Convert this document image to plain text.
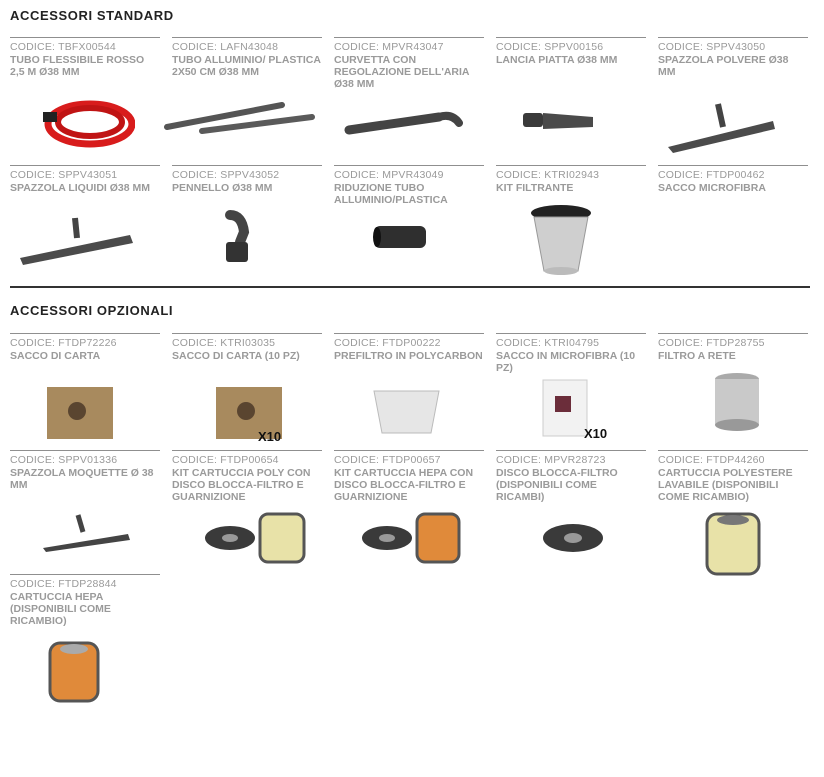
ACCESSORI STANDARD
CODICE: TBFX00544
TUBO FLESSIBILE ROSSO 2,5 M Ø38 MM
CODICE: LAFN43048
TUBO ALLUMINIO/ PLASTICA 2X50 CM Ø38 MM
CODICE: MPVR43047
CURVETTA CON REGOLAZIONE DELL'ARIA Ø38 MM
CODICE: SPPV00156
LANCIA PIATTA Ø38 MM
CODICE: SPPV43050
SPAZZOLA POLVERE Ø38 MM
CODICE: SPPV43051
SPAZZOLA LIQUIDI Ø38 MM
CODICE: SPPV43052
PENNELLO Ø38 MM
CODICE: MPVR43049
RIDUZIONE TUBO ALLUMINIO/PLASTICA
CODICE: KTRI02943
KIT FILTRANTE
CODICE: FTDP00462
SACCO MICROFIBRA
ACCESSORI OPZIONALI
CODICE: FTDP72226
SACCO DI CARTA
CODICE: KTRI03035
SACCO DI CARTA (10 PZ)
X10
CODICE: FTDP00222
PREFILTRO IN POLYCARBON
CODICE: KTRI04795
SACCO IN MICROFIBRA (10 PZ)
X10
CODICE: FTDP28755
FILTRO A RETE
CODICE: SPPV01336
SPAZZOLA MOQUETTE Ø 38 MM
CODICE: FTDP00654
KIT CARTUCCIA POLY CON DISCO BLOCCA-FILTRO E GUARNIZIONE
CODICE: FTDP00657
KIT CARTUCCIA HEPA CON DISCO BLOCCA-FILTRO E GUARNIZIONE
CODICE: MPVR28723
DISCO BLOCCA-FILTRO (DISPONIBILI COME RICAMBI)
CODICE: FTDP44260
CARTUCCIA POLYESTERE LAVABILE (DISPONIBILI COME RICAMBIO)
CODICE: FTDP28844
CARTUCCIA HEPA (DISPONIBILI COME RICAMBIO)
